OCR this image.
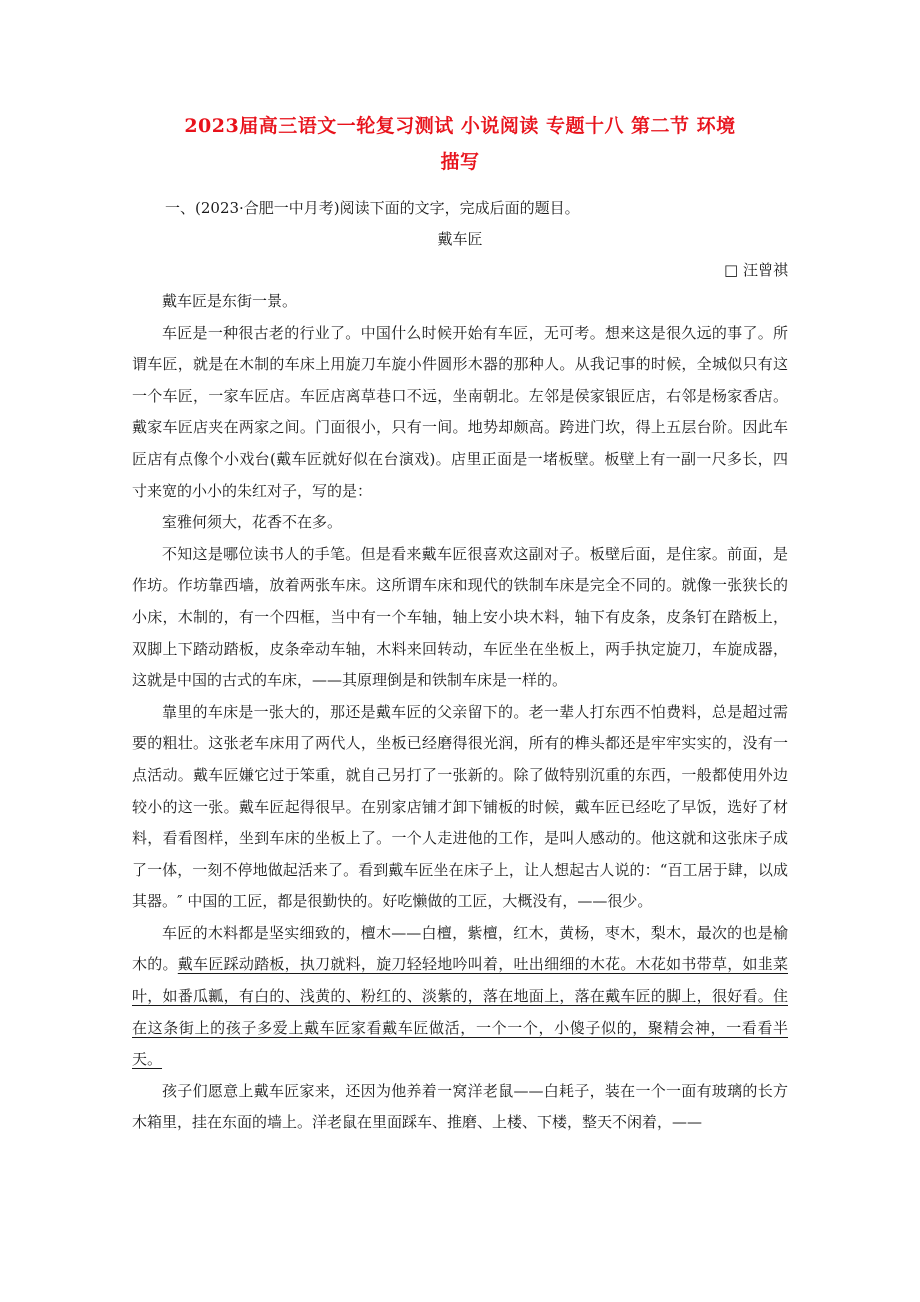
2023届高三语文一轮复习测试 小说阅读 专题十八 第二节 环境
描写
一、(2023·合肥一中月考)阅读下面的文字，完成后面的题目。
戴车匠
□ 汪曾祺

戴车匠是东街一景。

车匠是一种很古老的行业了。中国什么时候开始有车匠，无可考。想来这是很久远的事了。所谓车匠，就是在木制的车床上用旋刀车旋小件圆形木器的那种人。从我记事的时候，全城似只有这一个车匠，一家车匠店。车匠店离草巷口不远，坐南朝北。左邻是侯家银匠店，右邻是杨家香店。戴家车匠店夹在两家之间。门面很小，只有一间。地势却颇高。跨进门坎，得上五层台阶。因此车匠店有点像个小戏台(戴车匠就好似在台演戏)。店里正面是一堵板壁。板壁上有一副一尺多长，四寸来宽的小小的朱红对子，写的是：

室雅何须大，花香不在多。

不知这是哪位读书人的手笔。但是看来戴车匠很喜欢这副对子。板壁后面，是住家。前面，是作坊。作坊靠西墙，放着两张车床。这所谓车床和现代的铁制车床是完全不同的。就像一张狭长的小床，木制的，有一个四框，当中有一个车轴，轴上安小块木料，轴下有皮条，皮条钉在踏板上，双脚上下踏动踏板，皮条牵动车轴，木料来回转动，车匠坐在坐板上，两手执定旋刀，车旋成器，这就是中国的古式的车床，——其原理倒是和铁制车床是一样的。

靠里的车床是一张大的，那还是戴车匠的父亲留下的。老一辈人打东西不怕费料，总是超过需要的粗壮。这张老车床用了两代人，坐板已经磨得很光润，所有的榫头都还是牢牢实实的，没有一点活动。戴车匠嫌它过于笨重，就自己另打了一张新的。除了做特别沉重的东西，一般都使用外边较小的这一张。戴车匠起得很早。在别家店铺才卸下铺板的时候，戴车匠已经吃了早饭，选好了材料，看看图样，坐到车床的坐板上了。一个人走进他的工作，是叫人感动的。他这就和这张床子成了一体，一刻不停地做起活来了。看到戴车匠坐在床子上，让人想起古人说的：“百工居于肆，以成其器。″ 中国的工匠，都是很勤快的。好吃懒做的工匠，大概没有，——很少。

车匠的木料都是坚实细致的，檀木——白檀，紫檀，红木，黄杨，枣木，梨木，最次的也是榆木的。戴车匠踩动踏板，执刀就料，旋刀轻轻地吟叫着，吐出细细的木花。木花如书带草，如韭菜叶，如番瓜瓤，有白的、浅黄的、粉红的、淡紫的，落在地面上，落在戴车匠的脚上，很好看。住在这条街上的孩子多爱上戴车匠家看戴车匠做活，一个一个，小傻子似的，聚精会神，一看看半天。

孩子们愿意上戴车匠家来，还因为他养着一窝洋老鼠——白耗子，装在一个一面有玻璃的长方木箱里，挂在东面的墙上。洋老鼠在里面踩车、推磨、上楼、下楼，整天不闲着，——
